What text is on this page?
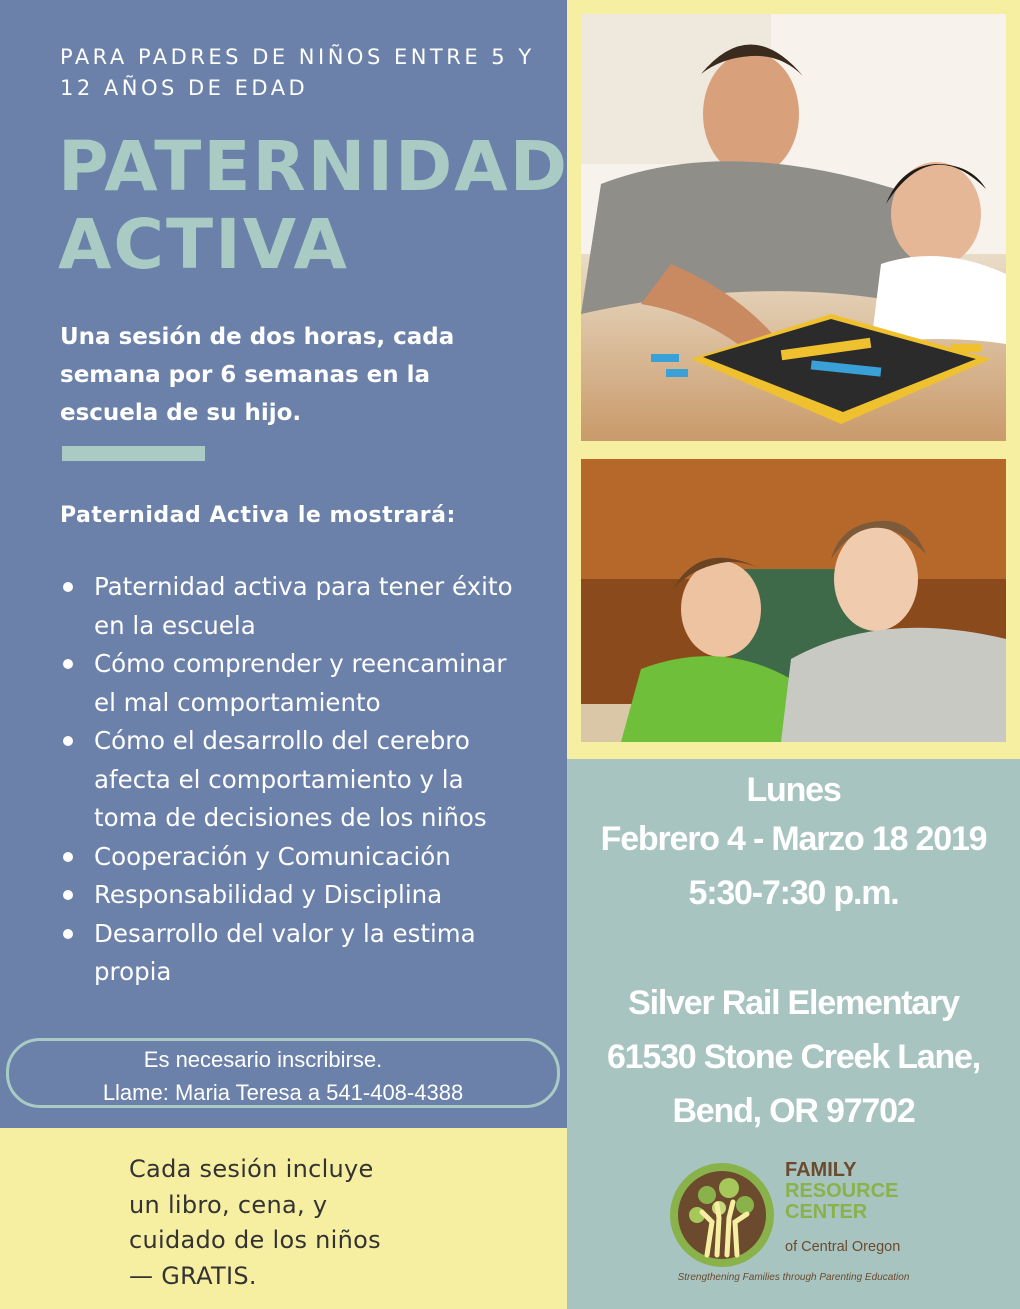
PARA PADRES DE NIÑOS ENTRE 5 Y 12 AÑOS DE EDAD
PATERNIDAD
ACTIVA
Una sesión de dos horas, cada semana por 6 semanas en la escuela de su hijo.
Paternidad Activa le mostrará:
Paternidad activa para tener éxito en la escuela
Cómo comprender y reencaminar el mal comportamiento
Cómo el desarrollo del cerebro afecta el comportamiento y la toma de decisiones de los niños
Cooperación y Comunicación
Responsabilidad y Disciplina
Desarrollo del valor y la estima propia
Es necesario inscribirse.
Llame: Maria Teresa a 541-408-4388
Cada sesión incluye
un libro, cena, y
cuidado de los niños
— GRATIS.
Lunes
Febrero 4 - Marzo 18 2019
5:30-7:30 p.m.
Silver Rail Elementary
61530 Stone Creek Lane,
Bend, OR 97702
FAMILY
RESOURCE
CENTER
of Central Oregon
Strengthening Families through Parenting Education
